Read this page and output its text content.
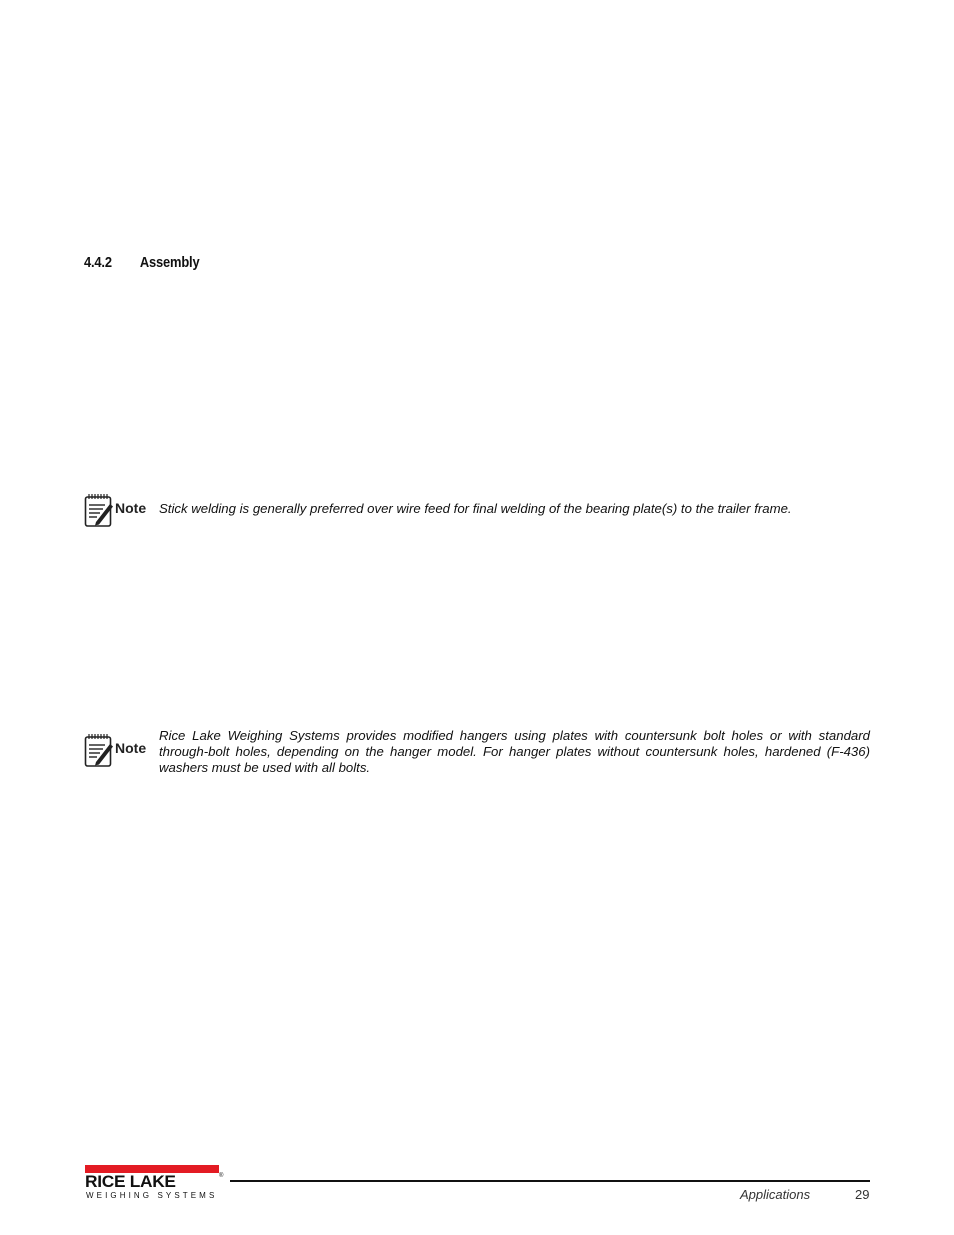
4.4.2 Assembly
Note Stick welding is generally preferred over wire feed for final welding of the bearing plate(s) to the trailer frame.
Note
Rice Lake Weighing Systems provides modified hangers using plates with countersunk bolt holes or with standard through-bolt holes, depending on the hanger model. For hanger plates without countersunk holes, hardened (F-436) washers must be used with all bolts.
RICE LAKE	®
WEIGHING SYSTEMS	Applications	29
